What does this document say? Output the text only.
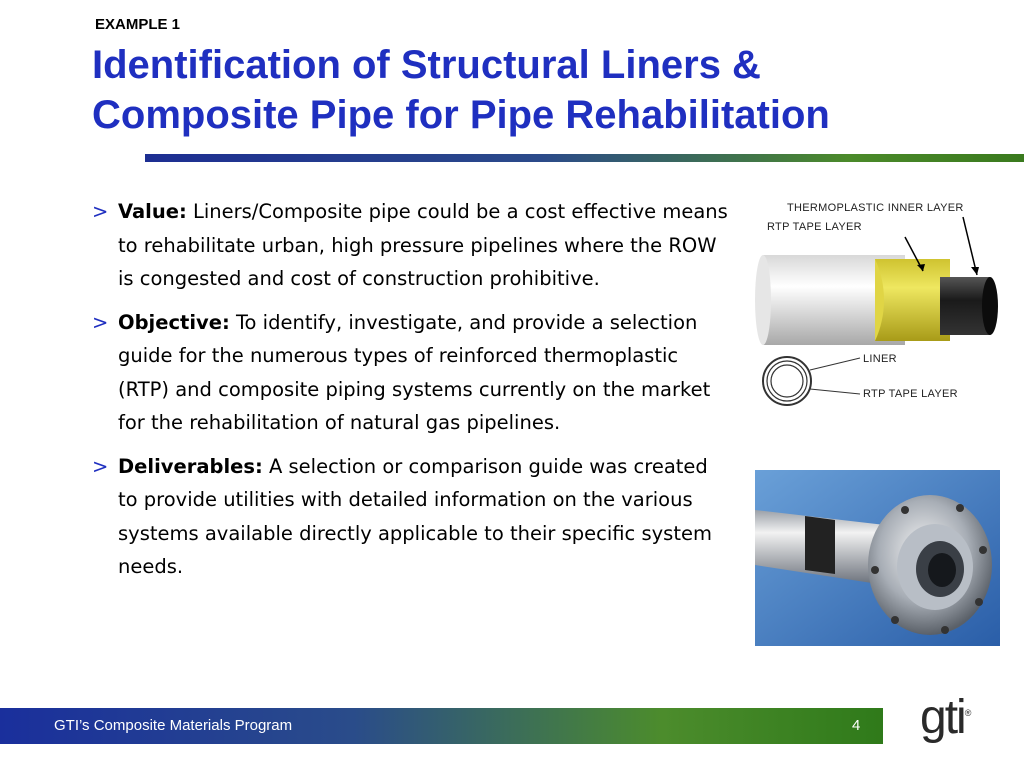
EXAMPLE 1
Identification of Structural Liners &
Composite Pipe for Pipe Rehabilitation
> Value: Liners/Composite pipe could be a cost effective means to rehabilitate urban, high pressure pipelines where the ROW is congested and cost of construction prohibitive.
> Objective: To identify, investigate, and provide a selection guide for the numerous types of reinforced thermoplastic (RTP) and composite piping systems currently on the market for the rehabilitation of natural gas pipelines.
> Deliverables: A selection or comparison guide was created to provide utilities with detailed information on the various systems available directly applicable to their specific system needs.
THERMOPLASTIC INNER LAYER
RTP TAPE LAYER
LINER
RTP TAPE LAYER
GTI’s Composite Materials Program	4 gti®
